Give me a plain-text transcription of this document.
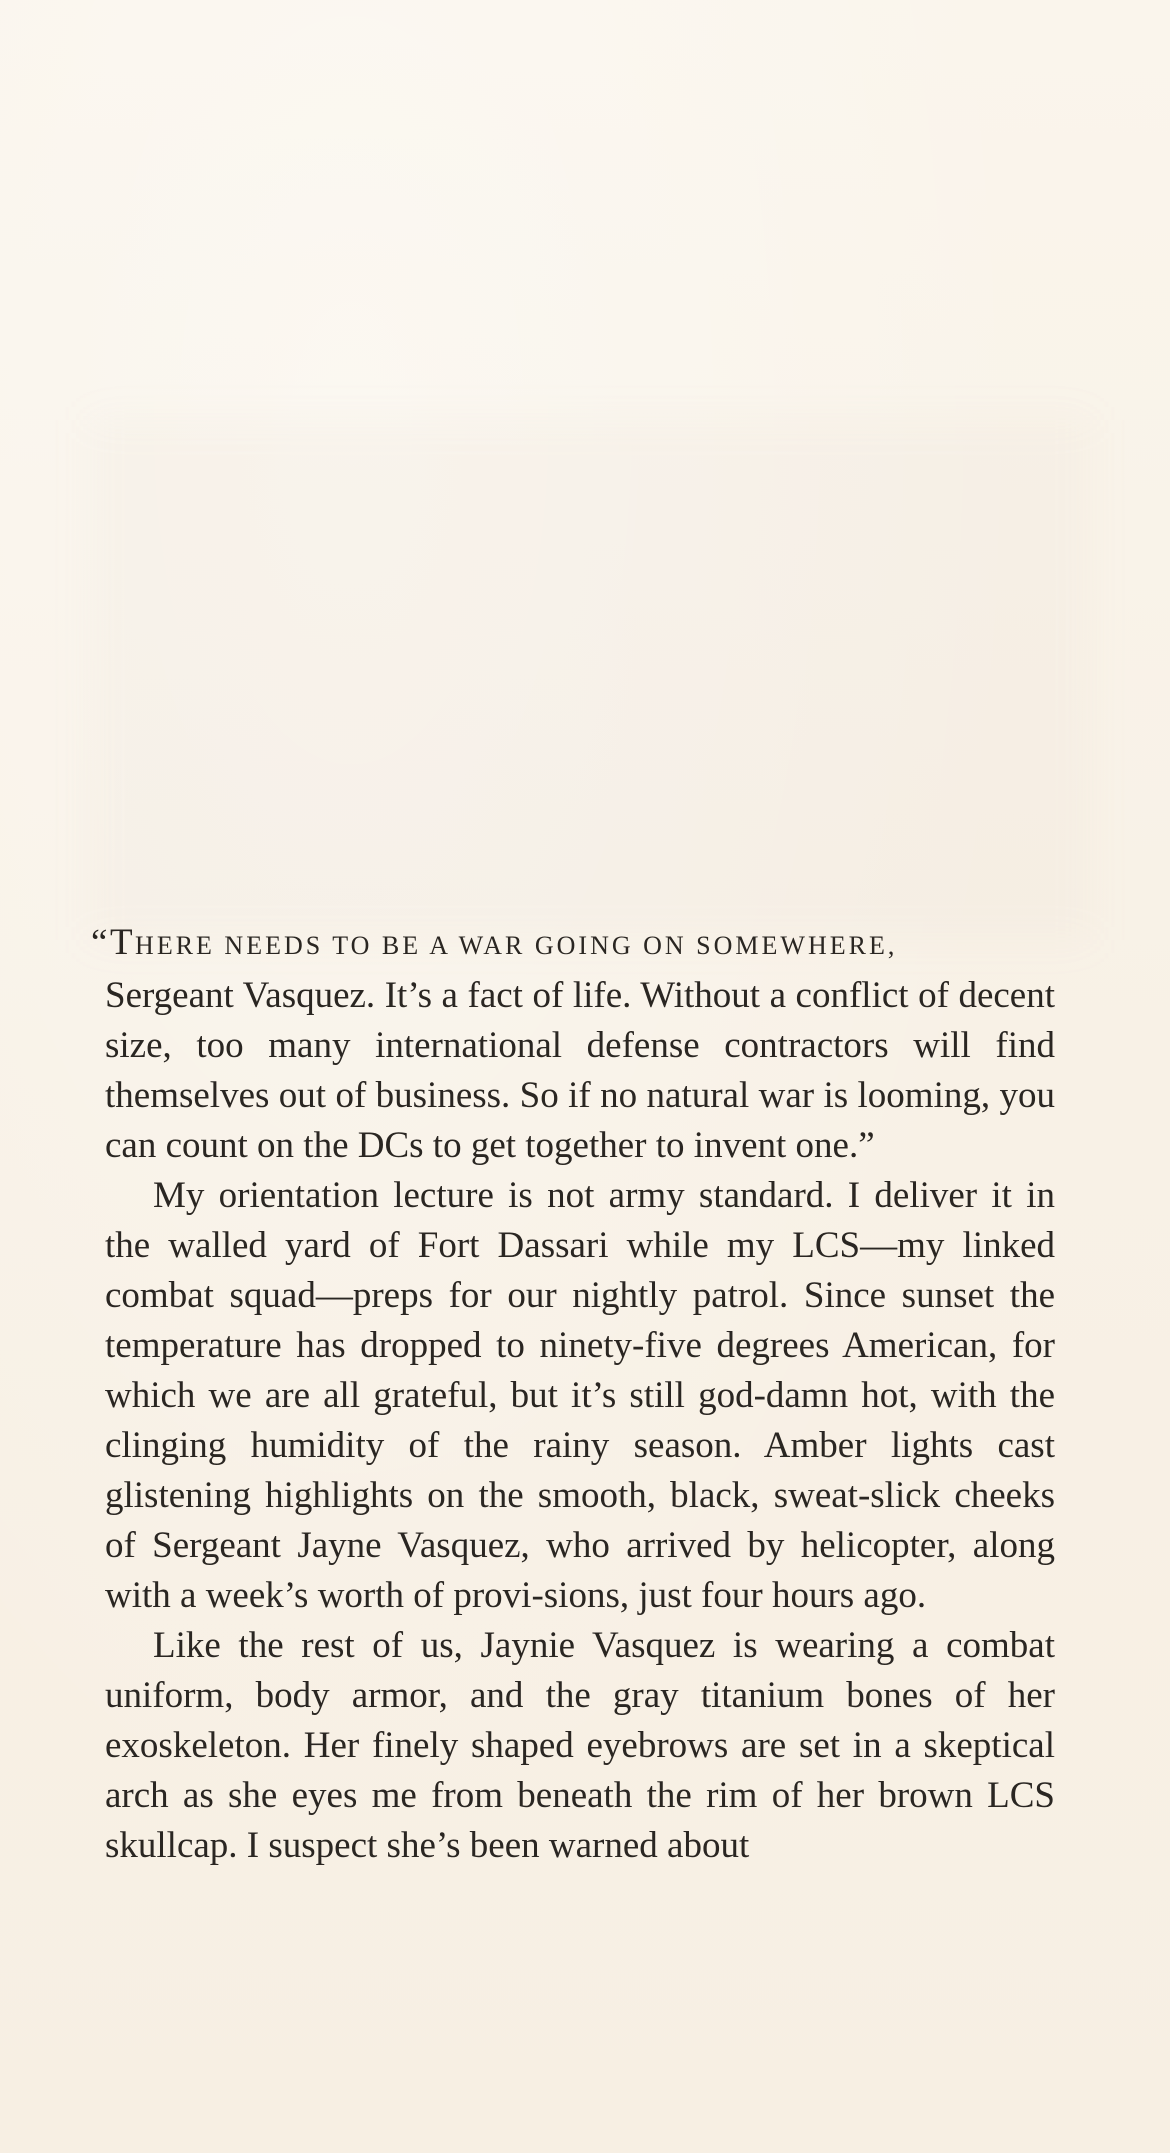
“THERE NEEDS TO BE A WAR GOING ON SOMEWHERE,
Sergeant Vasquez. It’s a fact of life. Without a conflict of decent size, too many international defense contractors will find themselves out of business. So if no natural war is looming, you can count on the DCs to get together to invent one.”

My orientation lecture is not army standard. I deliver it in the walled yard of Fort Dassari while my LCS—my linked combat squad—preps for our nightly patrol. Since sunset the temperature has dropped to ninety-five degrees American, for which we are all grateful, but it’s still god-damn hot, with the clinging humidity of the rainy season. Amber lights cast glistening highlights on the smooth, black, sweat-slick cheeks of Sergeant Jayne Vasquez, who arrived by helicopter, along with a week’s worth of provi-sions, just four hours ago.

Like the rest of us, Jaynie Vasquez is wearing a combat uniform, body armor, and the gray titanium bones of her exoskeleton. Her finely shaped eyebrows are set in a skeptical arch as she eyes me from beneath the rim of her brown LCS skullcap. I suspect she’s been warned about
